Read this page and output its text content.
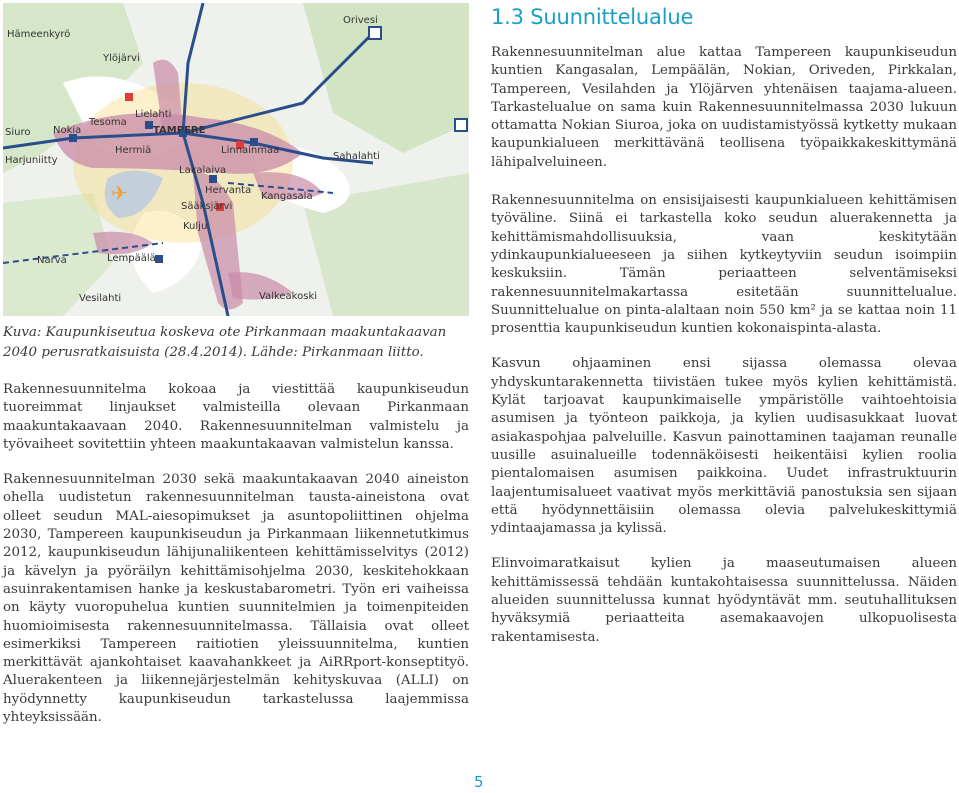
✈
Orivesi
Hämeenkyrö
Ylöjärvi
Lielahti
Siuro Nokia
Tesoma
TAMPERE
Hermiä	Linnainmaa
Sahalahti
Harjuniitty
Lakalaiva
Hervanta
Kangasala
Sääksjärvi
Kulju
Narva	Lempäälä
Vesilahti	Valkeakoski
Kuva: Kaupunkiseutua koskeva ote Pirkanmaan maakuntakaavan
2040 perusratkaisuista (28.4.2014). Lähde: Pirkanmaan liitto.

Rakennesuunnitelma kokoaa ja viestittää kaupunkiseudun tuoreimmat linjaukset valmisteilla olevaan Pirkanmaan maakuntakaavaan 2040. Rakennesuunnitelman valmistelu ja työvaiheet sovitettiin yhteen maakuntakaavan valmistelun kanssa.

Rakennesuunnitelman 2030 sekä maakuntakaavan 2040 aineiston ohella uudistetun rakennesuunnitelman tausta-aineistona ovat olleet seudun MAL-aiesopimukset ja asuntopoliittinen ohjelma 2030, Tampereen kaupunkiseudun ja Pirkanmaan liikennetutkimus 2012, kaupunkiseudun lähijunaliikenteen kehittämisselvitys (2012) ja kävelyn ja pyöräilyn kehittämisohjelma 2030, keskitehokkaan asuinrakentamisen hanke ja keskustabarometri. Työn eri vaiheissa on käyty vuoropuhelua kuntien suunnitelmien ja toimenpiteiden huomioimisesta rakennesuunnitelmassa. Tällaisia ovat olleet esimerkiksi Tampereen raitiotien yleissuunnitelma, kuntien merkittävät ajankohtaiset kaavahankkeet ja AiRRport-konseptityö. Aluerakenteen ja liikennejärjestelmän kehityskuvaa (ALLI) on hyödynnetty kaupunkiseudun tarkastelussa laajemmissa yhteyksissään.

1.3 Suunnittelualue

Rakennesuunnitelman alue kattaa Tampereen kaupunkiseudun kuntien Kangasalan, Lempäälän, Nokian, Oriveden, Pirkkalan, Tampereen, Vesilahden ja Ylöjärven yhtenäisen taajama-alueen. Tarkastelualue on sama kuin Rakennesuunnitelmassa 2030 lukuun ottamatta Nokian Siuroa, joka on uudistamistyössä kytketty mukaan kaupunkialueen merkittävänä teollisena työpaikkakeskittymänä lähipalveluineen.

Rakennesuunnitelma on ensisijaisesti kaupunkialueen kehittämisen työväline. Siinä ei tarkastella koko seudun aluerakennetta ja kehittämismahdollisuuksia, vaan keskitytään ydinkaupunkialueeseen ja siihen kytkeytyviin seudun isoimpiin keskuksiin. Tämän periaatteen selventämiseksi rakennesuunnitelmakartassa esitetään suunnittelualue. Suunnittelualue on pinta-alaltaan noin 550 km² ja se kattaa noin 11 prosenttia kaupunkiseudun kuntien kokonaispinta-alasta.

Kasvun ohjaaminen ensi sijassa olemassa olevaa yhdyskuntarakennetta tiivistäen tukee myös kylien kehittämistä. Kylät tarjoavat kaupunkimaiselle ympäristölle vaihtoehtoisia asumisen ja työnteon paikkoja, ja kylien uudisasukkaat luovat asiakaspohjaa palveluille. Kasvun painottaminen taajaman reunalle uusille asuinalueille todennäköisesti heikentäisi kylien roolia pientalomaisen asumisen paikkoina. Uudet infrastruktuurin laajentumisalueet vaativat myös merkittäviä panostuksia sen sijaan että hyödynnettäisiin olemassa olevia palvelukeskittymiä ydintaajamassa ja kylissä.

Elinvoimaratkaisut kylien ja maaseutumaisen alueen kehittämissessä tehdään kuntakohtaisessa suunnittelussa. Näiden alueiden suunnittelussa kunnat hyödyntävät mm. seutuhallituksen hyväksymiä periaatteita asemakaavojen ulkopuolisesta rakentamisesta.

5
